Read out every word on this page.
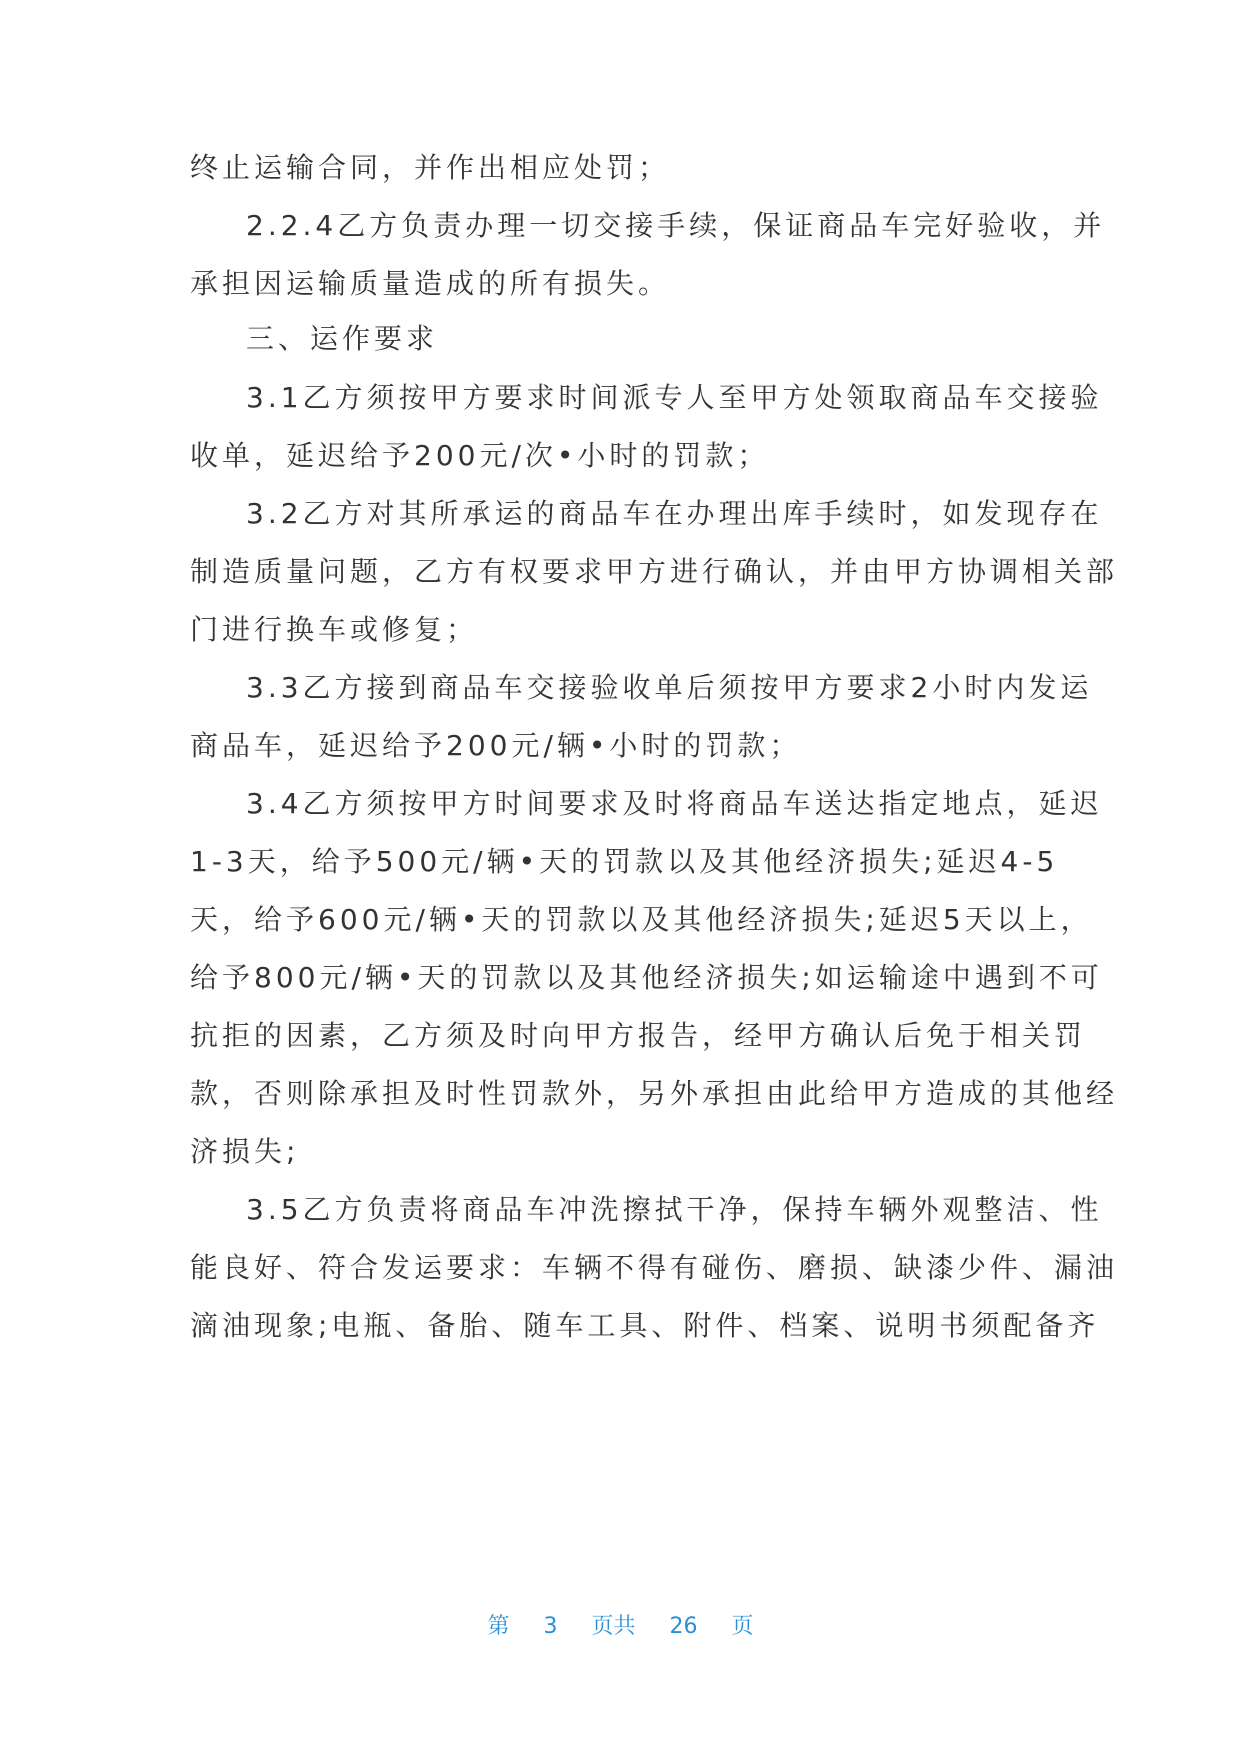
终止运输合同，并作出相应处罚；
2.2.4乙方负责办理一切交接手续，保证商品车完好验收，并
承担因运输质量造成的所有损失。
三、运作要求
3.1乙方须按甲方要求时间派专人至甲方处领取商品车交接验
收单，延迟给予200元/次•小时的罚款；
3.2乙方对其所承运的商品车在办理出库手续时，如发现存在
制造质量问题，乙方有权要求甲方进行确认，并由甲方协调相关部
门进行换车或修复；
3.3乙方接到商品车交接验收单后须按甲方要求2小时内发运
商品车，延迟给予200元/辆•小时的罚款；
3.4乙方须按甲方时间要求及时将商品车送达指定地点，延迟
1-3天，给予500元/辆•天的罚款以及其他经济损失;延迟4-5
天，给予600元/辆•天的罚款以及其他经济损失;延迟5天以上，
给予800元/辆•天的罚款以及其他经济损失;如运输途中遇到不可
抗拒的因素，乙方须及时向甲方报告，经甲方确认后免于相关罚
款，否则除承担及时性罚款外，另外承担由此给甲方造成的其他经
济损失;
3.5乙方负责将商品车冲洗擦拭干净，保持车辆外观整洁、性
能良好、符合发运要求：车辆不得有碰伤、磨损、缺漆少件、漏油
滴油现象;电瓶、备胎、随车工具、附件、档案、说明书须配备齐
第 3 页共 26 页
